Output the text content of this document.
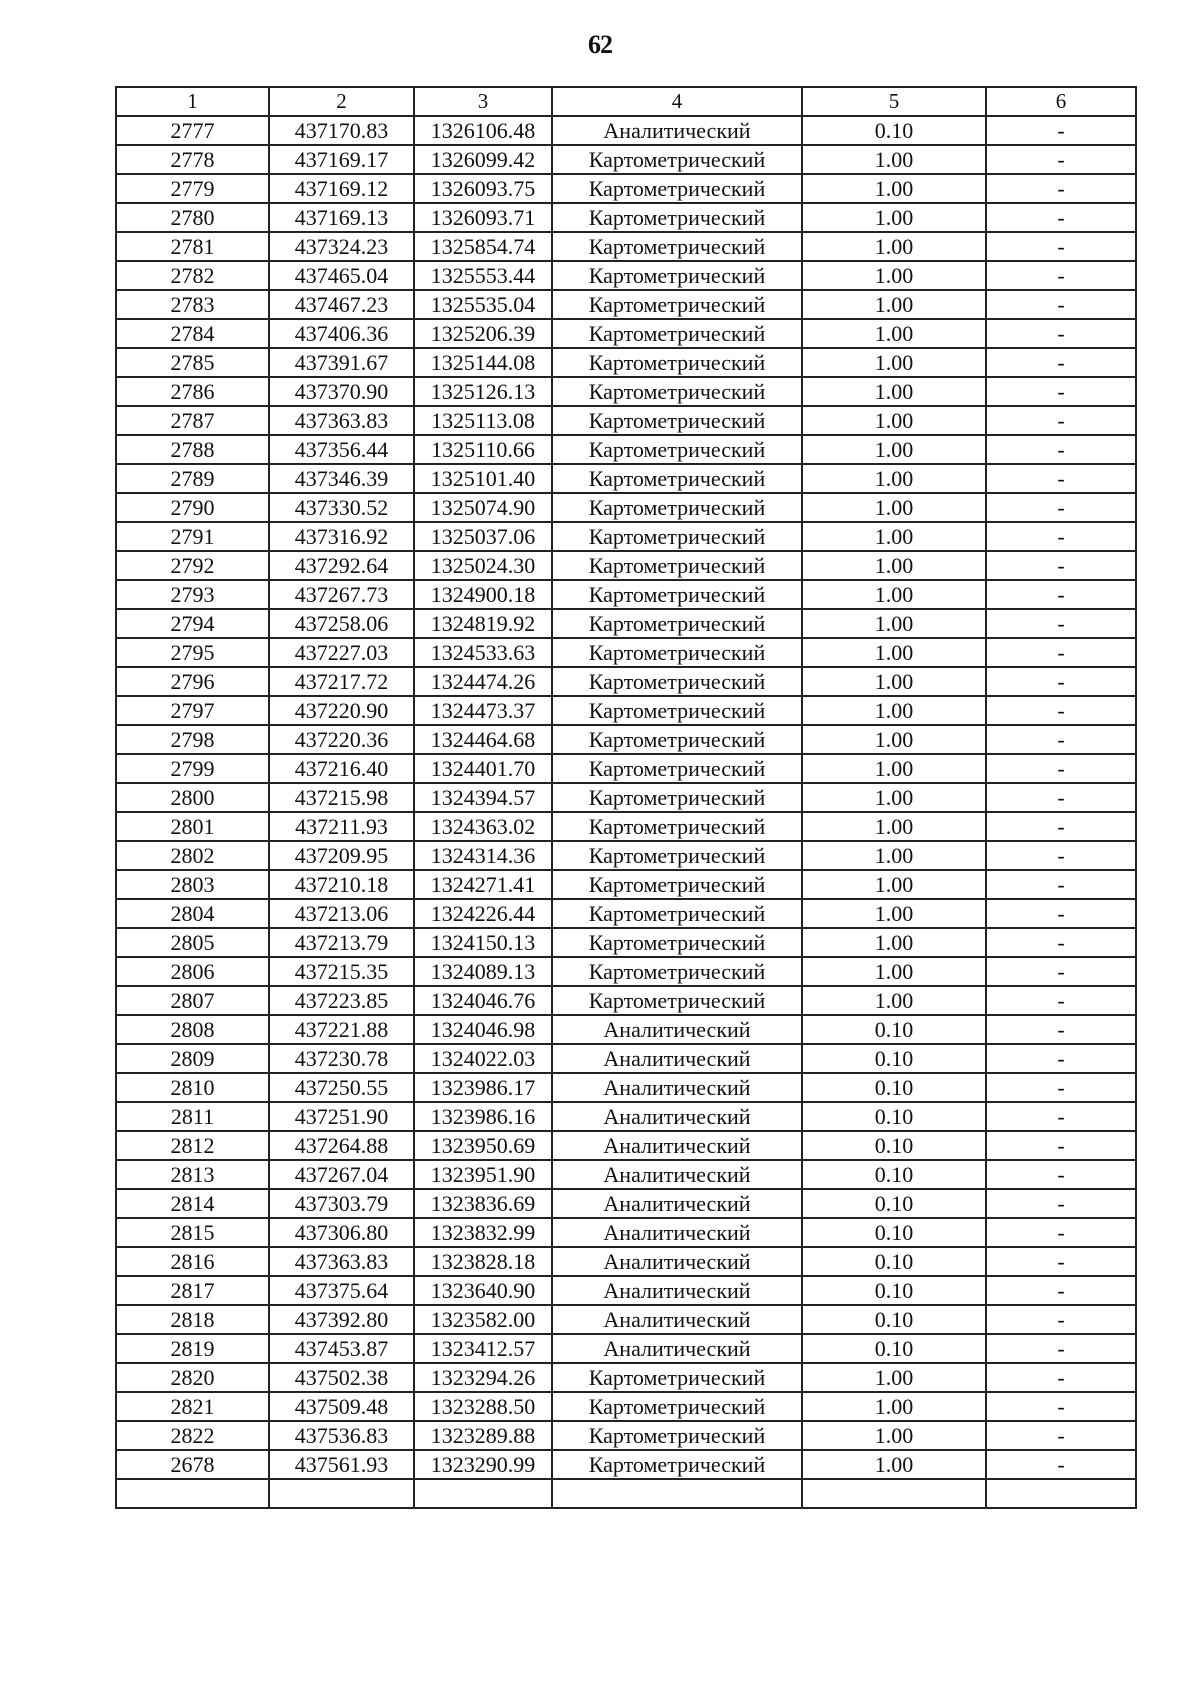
62
1	2	3	4	5	6
2777	437170.83	1326106.48	Аналитический	0.10	-
2778	437169.17	1326099.42	Картометрический	1.00	-
2779	437169.12	1326093.75	Картометрический	1.00	-
2780	437169.13	1326093.71	Картометрический	1.00	-
2781	437324.23	1325854.74	Картометрический	1.00	-
2782	437465.04	1325553.44	Картометрический	1.00	-
2783	437467.23	1325535.04	Картометрический	1.00	-
2784	437406.36	1325206.39	Картометрический	1.00	-
2785	437391.67	1325144.08	Картометрический	1.00	-
2786	437370.90	1325126.13	Картометрический	1.00	-
2787	437363.83	1325113.08	Картометрический	1.00	-
2788	437356.44	1325110.66	Картометрический	1.00	-
2789	437346.39	1325101.40	Картометрический	1.00	-
2790	437330.52	1325074.90	Картометрический	1.00	-
2791	437316.92	1325037.06	Картометрический	1.00	-
2792	437292.64	1325024.30	Картометрический	1.00	-
2793	437267.73	1324900.18	Картометрический	1.00	-
2794	437258.06	1324819.92	Картометрический	1.00	-
2795	437227.03	1324533.63	Картометрический	1.00	-
2796	437217.72	1324474.26	Картометрический	1.00	-
2797	437220.90	1324473.37	Картометрический	1.00	-
2798	437220.36	1324464.68	Картометрический	1.00	-
2799	437216.40	1324401.70	Картометрический	1.00	-
2800	437215.98	1324394.57	Картометрический	1.00	-
2801	437211.93	1324363.02	Картометрический	1.00	-
2802	437209.95	1324314.36	Картометрический	1.00	-
2803	437210.18	1324271.41	Картометрический	1.00	-
2804	437213.06	1324226.44	Картометрический	1.00	-
2805	437213.79	1324150.13	Картометрический	1.00	-
2806	437215.35	1324089.13	Картометрический	1.00	-
2807	437223.85	1324046.76	Картометрический	1.00	-
2808	437221.88	1324046.98	Аналитический	0.10	-
2809	437230.78	1324022.03	Аналитический	0.10	-
2810	437250.55	1323986.17	Аналитический	0.10	-
2811	437251.90	1323986.16	Аналитический	0.10	-
2812	437264.88	1323950.69	Аналитический	0.10	-
2813	437267.04	1323951.90	Аналитический	0.10	-
2814	437303.79	1323836.69	Аналитический	0.10	-
2815	437306.80	1323832.99	Аналитический	0.10	-
2816	437363.83	1323828.18	Аналитический	0.10	-
2817	437375.64	1323640.90	Аналитический	0.10	-
2818	437392.80	1323582.00	Аналитический	0.10	-
2819	437453.87	1323412.57	Аналитический	0.10	-
2820	437502.38	1323294.26	Картометрический	1.00	-
2821	437509.48	1323288.50	Картометрический	1.00	-
2822	437536.83	1323289.88	Картометрический	1.00	-
2678	437561.93	1323290.99	Картометрический	1.00	-
